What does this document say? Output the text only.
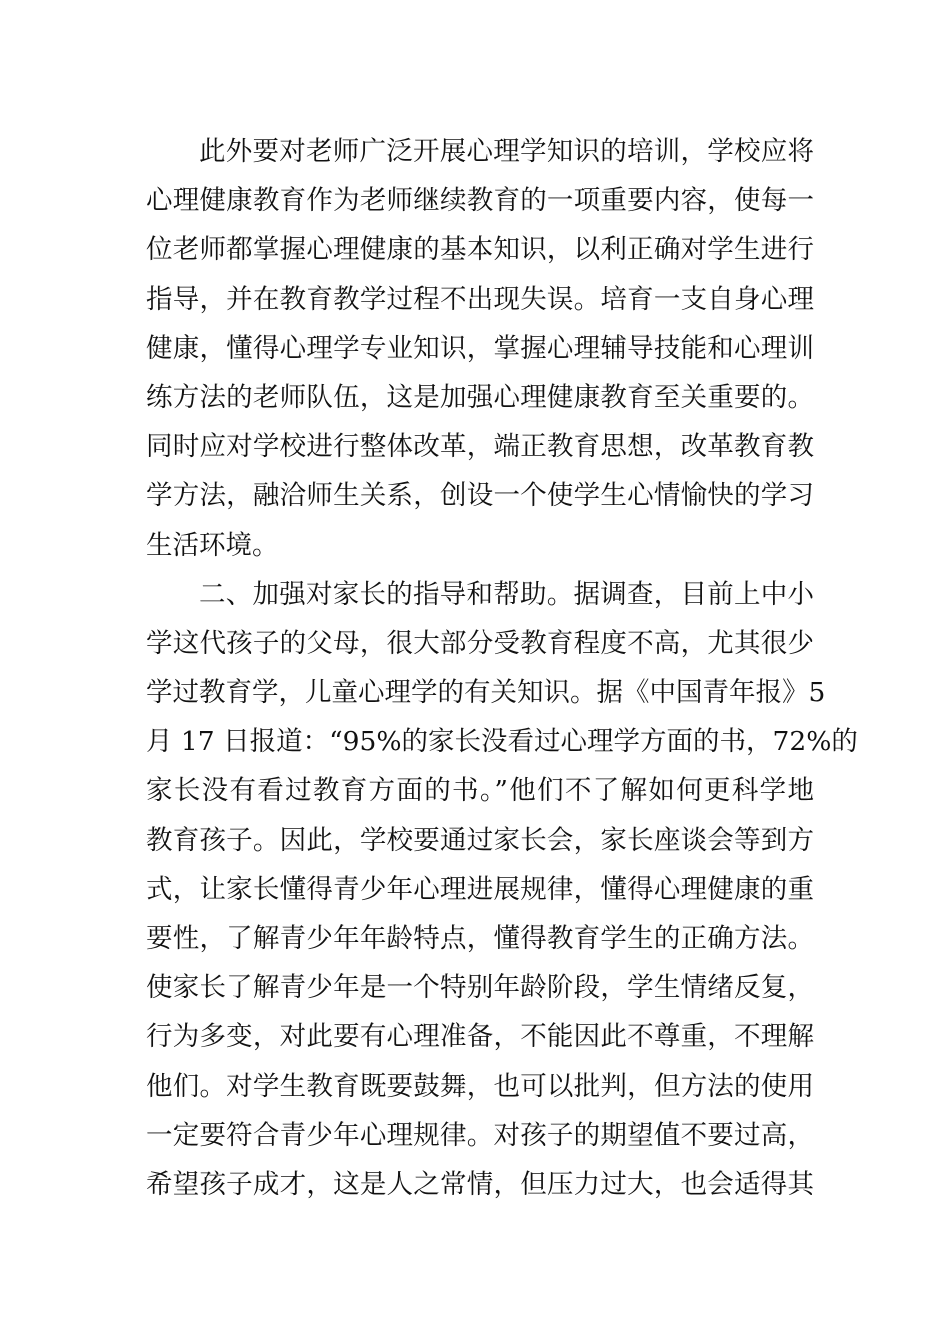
此外要对老师广泛开展心理学知识的培训，学校应将
心理健康教育作为老师继续教育的一项重要内容，使每一
位老师都掌握心理健康的基本知识，以利正确对学生进行
指导，并在教育教学过程不出现失误。培育一支自身心理
健康，懂得心理学专业知识，掌握心理辅导技能和心理训
练方法的老师队伍，这是加强心理健康教育至关重要的。
同时应对学校进行整体改革，端正教育思想，改革教育教
学方法，融洽师生关系，创设一个使学生心情愉快的学习
生活环境。
二、加强对家长的指导和帮助。据调查，目前上中小
学这代孩子的父母，很大部分受教育程度不高，尤其很少
学过教育学，儿童心理学的有关知识。据《中国青年报》5
月 17 日报道：“95%的家长没看过心理学方面的书，72%的
家长没有看过教育方面的书。”他们不了解如何更科学地
教育孩子。因此，学校要通过家长会，家长座谈会等到方
式，让家长懂得青少年心理进展规律，懂得心理健康的重
要性，了解青少年年龄特点，懂得教育学生的正确方法。
使家长了解青少年是一个特别年龄阶段，学生情绪反复，
行为多变，对此要有心理准备，不能因此不尊重，不理解
他们。对学生教育既要鼓舞，也可以批判，但方法的使用
一定要符合青少年心理规律。对孩子的期望值不要过高，
希望孩子成才，这是人之常情，但压力过大，也会适得其
